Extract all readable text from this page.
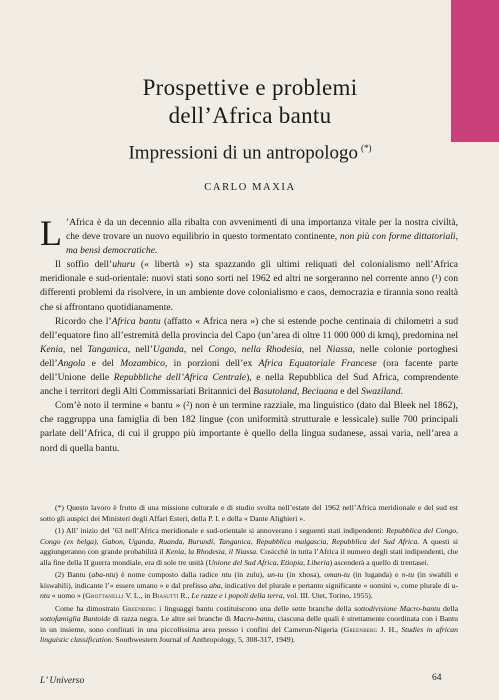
Prospettive e problemi
dell’Africa bantu
Impressioni di un antropologo (*)
CARLO MAXIA

L ’Africa è da un decennio alla ribalta con avvenimenti di una importanza vitale per la nostra civiltà, che deve trovare un nuovo equilibrio in questo tormentato continente, non più con forme dittatoriali, ma bensì democratiche.

Il soffio dell’uhuru (« libertà ») sta spazzando gli ultimi reliquati del colonialismo nell’Africa meridionale e sud-orientale: nuovi stati sono sorti nel 1962 ed altri ne sorgeranno nel corrente anno (¹) con differenti problemi da risolvere, in un ambiente dove colonialismo e caos, democrazia e tirannia sono realtà che si affrontano quotidianamente.

Ricordo che l’Africa bantu (affatto « Africa nera ») che si estende poche centinaia di chilometri a sud dell’equatore fino all’estremità della provincia del Capo (un’area di oltre 11 000 000 di kmq), predomina nel Kenia, nel Tanganica, nell’Uganda, nel Congo, nella Rhodesia, nel Niassa, nelle colonie portoghesi dell’Angola e del Mozambico, in porzioni dell’ex Africa Equatoriale Francese (ora facente parte dell’Unione delle Repubbliche dell’Africa Centrale), e nella Repubblica del Sud Africa, comprendente anche i territori degli Alti Commissariati Britannici del Basutoland, Beciuana e del Swaziland.

Com’è noto il termine « bantu » (²) non è un termine razziale, ma linguistico (dato dal Bleek nel 1862), che raggruppa una famiglia di ben 182 lingue (con uniformità strutturale e lessicale) sulle 700 principali parlate dell’Africa, di cui il gruppo più importante è quello della lingua sudanese, assai varia, nell’area a nord di quella bantu.

(*) Questo lavoro è frutto di una missione culturale e di studio svolta nell’estate del 1962 nell’Africa meridionale e del sud est sotto gli auspici dei Ministeri degli Affari Esteri, della P. I. e della « Dante Alighieri ».

(1) All’ inizio del ’63 nell’Africa meridionale e sud-orientale si annoverano i seguenti stati indipendenti: Repubblica del Congo, Congo (ex belga), Gabon, Uganda, Ruanda, Burundi, Tanganica, Repubblica malgascia, Repubblica del Sud Africa. A questi si aggiungeranno con grande probabilità il Kenia, la Rhodesia, il Niassa. Cosicchè in tutta l’Africa il numero degli stati indipendenti, che alla fine della II guerra mondiale, era di sole tre unità (Unione del Sud Africa, Etiopia, Liberia) ascenderà a quello di trentasei.

(2) Bantu (aba-ntu) è nome composto dalla radice ntu (in zulu), un-tu (in xhosa), oman-tu (in luganda) e n-tu (in swahili e kiswahili), indicante l’« essere umano » e dal prefisso aba, indicativo del plurale e pertanto significante « uomini », come plurale di u-ntu « uomo » (Grottanelli V. L., in Biasutti R., Le razze e i popoli della terra, vol. III. Utet, Torino, 1955).

Come ha dimostrato Greenberg i linguaggi bantu costituiscono una delle sette branche della sottodivisione Macro-bantu della sottofamiglia Bantoide di razza negra. Le altre sei branche di Macro-bantu, ciascuna delle quali è strettamente coordinata con i Bantu in un insieme, sono confinati in una piccolissima area presso i confini del Camerun-Nigeria (Greenberg J. H., Studies in african linguistic classification. Southwestern Journal of Anthropology, 5, 308-317, 1949).

L’ Universo	64
